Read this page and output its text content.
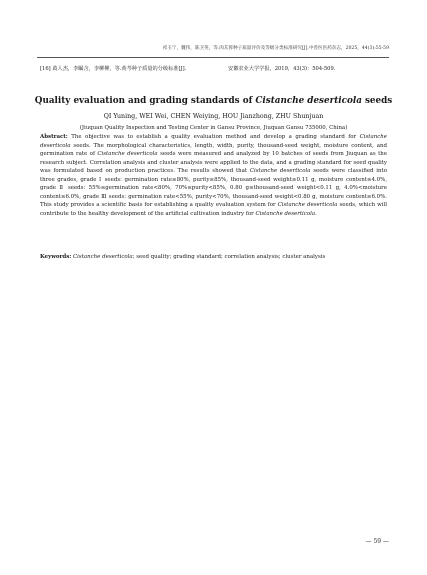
祁玉宁，魏伟，陈卫英，等.肉苁蓉种子质量评价及等级分类标准研究[J].中兽医医药杂志，2025，44(3):55-59
[16] 葛人杰，李瞩含，李柳柳，等.黄芩种子质量的分级标准[J].	安徽农业大学学报，2019，43(3)：504-509.
Quality evaluation and grading standards of Cistanche deserticola seeds
QI Yuning, WEI Wei, CHEN Weiying, HOU Jianzhong, ZHU Shunjuan
(Jiuquan Quality Inspection and Testing Center in Gansu Province, Jiuquan Gansu 735000, China)
Abstract: The objective was to establish a quality evaluation method and develop a grading standard for Cistanche deserticola seeds. The morphological characteristics, length, width, purity, thousand-seed weight, moisture content, and germination rate of Cistanche deserticola seeds were measured and analyzed by 10 batches of seeds from Jiuquan as the research subject. Correlation analysis and cluster analysis were applied to the data, and a grading standard for seed quality was formulated based on production practices. The results showed that Cistanche deserticola seeds were classified into three grades, grade Ⅰ seeds: germination rate≥80%, purity≥85%, thousand-seed weight≥0.11 g, moisture content≤4.0%, grade Ⅱ seeds: 55%≤germination rate<80%, 70%≤purity<85%, 0.80 g≤thousand-seed weight<0.11 g, 4.0%<moisture content≤6.0%, grade Ⅲ seeds: germination rate<55%, purity<70%, thousand-seed weight<0.80 g, moisture content≥6.0%. This study provides a scientific basis for establishing a quality evaluation system for Cistanche deserticola seeds, which will contribute to the healthy development of the artificial cultivation industry for Cistanche deserticola.
Keywords: Cistanche deserticola; seed quality; grading standard; correlation analysis; cluster analysis
— 59 —
